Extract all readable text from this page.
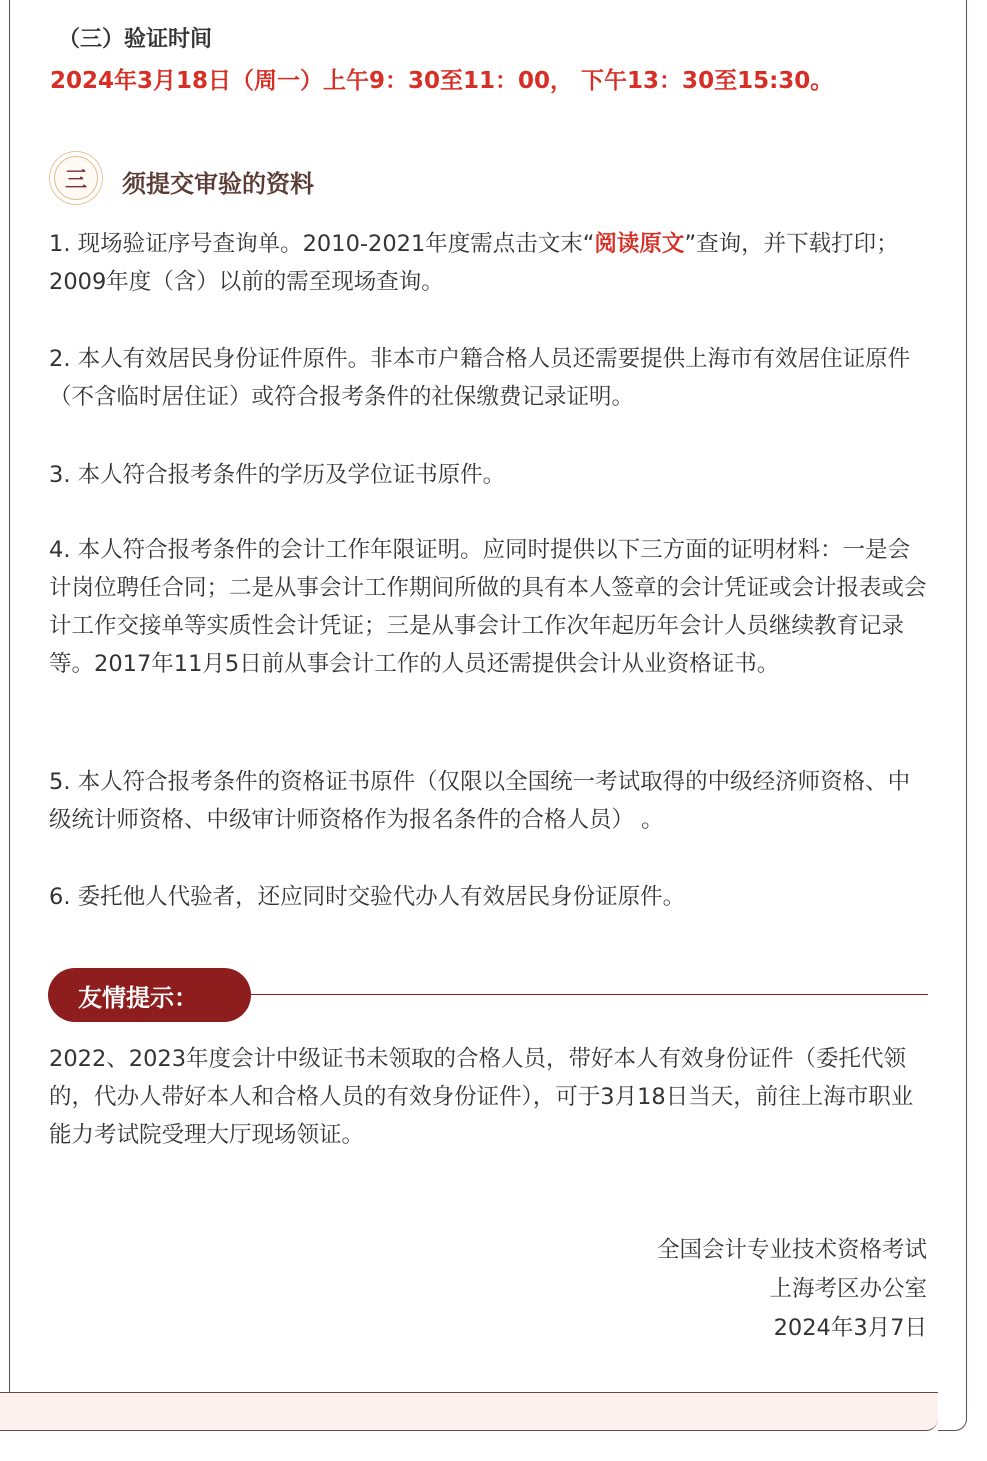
（三）验证时间
2024年3月18日（周一）上午9：30至11：00， 下午13：30至15:30。
三	须提交审验的资料

1. 现场验证序号查询单。2010-2021年度需点击文末“阅读原文”查询，并下载打印；2009年度（含）以前的需至现场查询。

2. 本人有效居民身份证件原件。非本市户籍合格人员还需要提供上海市有效居住证原件（不含临时居住证）或符合报考条件的社保缴费记录证明。

3. 本人符合报考条件的学历及学位证书原件。

4. 本人符合报考条件的会计工作年限证明。应同时提供以下三方面的证明材料：一是会计岗位聘任合同；二是从事会计工作期间所做的具有本人签章的会计凭证或会计报表或会计工作交接单等实质性会计凭证；三是从事会计工作次年起历年会计人员继续教育记录等。2017年11月5日前从事会计工作的人员还需提供会计从业资格证书。

5. 本人符合报考条件的资格证书原件（仅限以全国统一考试取得的中级经济师资格、中级统计师资格、中级审计师资格作为报名条件的合格人员） 。

6. 委托他人代验者，还应同时交验代办人有效居民身份证原件。

友情提示：

2022、2023年度会计中级证书未领取的合格人员，带好本人有效身份证件（委托代领的，代办人带好本人和合格人员的有效身份证件），可于3月18日当天，前往上海市职业能力考试院受理大厅现场领证。

全国会计专业技术资格考试
上海考区办公室
2024年3月7日
